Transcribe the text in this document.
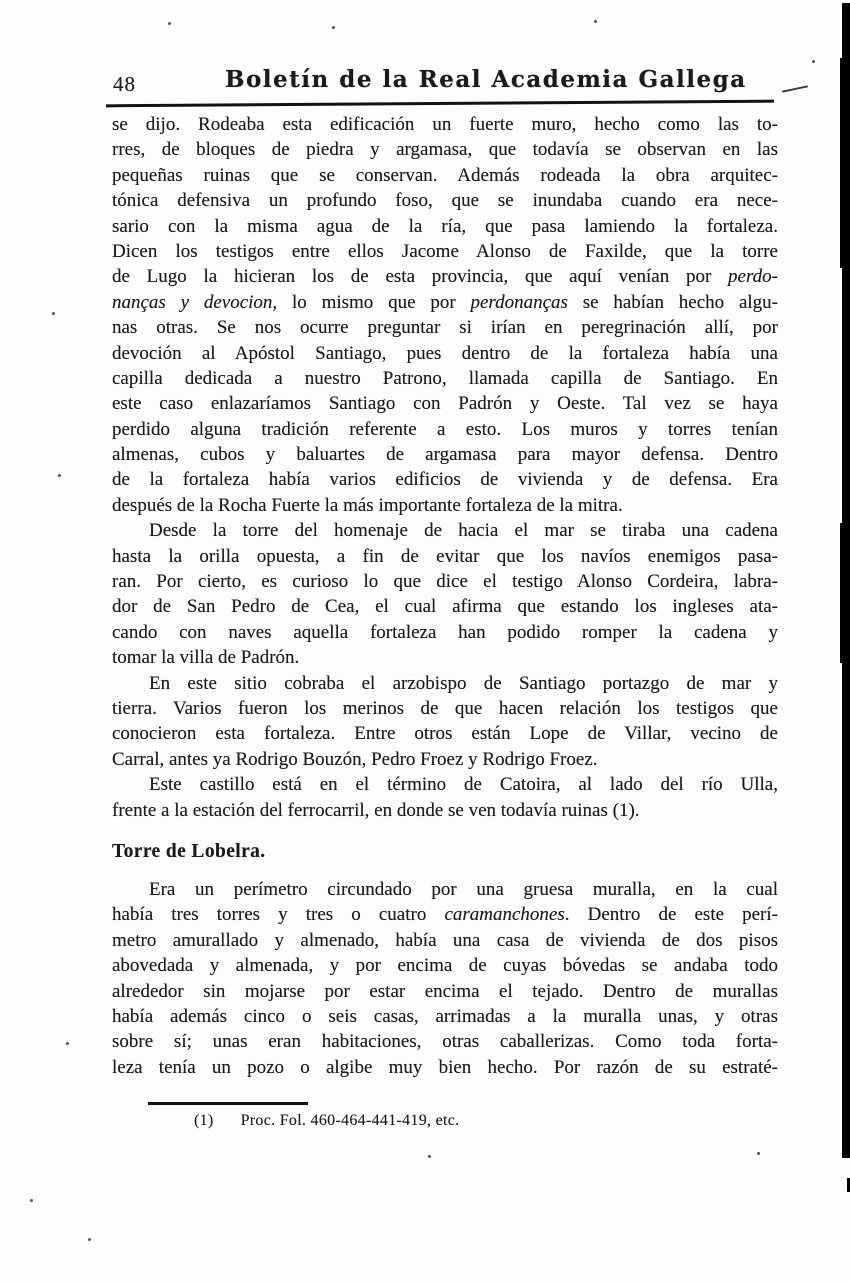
48	Boletín de la Real Academia Gallega
se dijo. Rodeaba esta edificación un fuerte muro, hecho como las to-
rres, de bloques de piedra y argamasa, que todavía se observan en las
pequeñas ruinas que se conservan. Además rodeada la obra arquitec-
tónica defensiva un profundo foso, que se inundaba cuando era nece-
sario con la misma agua de la ría, que pasa lamiendo la fortaleza.
Dicen los testigos entre ellos Jacome Alonso de Faxilde, que la torre
de Lugo la hicieran los de esta provincia, que aquí venían por perdo-
nanças y devocion, lo mismo que por perdonanças se habían hecho algu-
nas otras. Se nos ocurre preguntar si irían en peregrinación allí, por
devoción al Apóstol Santiago, pues dentro de la fortaleza había una
capilla dedicada a nuestro Patrono, llamada capilla de Santiago. En
este caso enlazaríamos Santiago con Padrón y Oeste. Tal vez se haya
perdido alguna tradición referente a esto. Los muros y torres tenían
almenas, cubos y baluartes de argamasa para mayor defensa. Dentro
de la fortaleza había varios edificios de vivienda y de defensa. Era
después de la Rocha Fuerte la más importante fortaleza de la mitra.
Desde la torre del homenaje de hacia el mar se tiraba una cadena
hasta la orilla opuesta, a fin de evitar que los navíos enemigos pasa-
ran. Por cierto, es curioso lo que dice el testigo Alonso Cordeira, labra-
dor de San Pedro de Cea, el cual afirma que estando los ingleses ata-
cando con naves aquella fortaleza han podido romper la cadena y
tomar la villa de Padrón.
En este sitio cobraba el arzobispo de Santiago portazgo de mar y
tierra. Varios fueron los merinos de que hacen relación los testigos que
conocieron esta fortaleza. Entre otros están Lope de Villar, vecino de
Carral, antes ya Rodrigo Bouzón, Pedro Froez y Rodrigo Froez.
Este castillo está en el término de Catoira, al lado del río Ulla,
frente a la estación del ferrocarril, en donde se ven todavía ruinas (1).
Torre de Lobelra.
Era un perímetro circundado por una gruesa muralla, en la cual
había tres torres y tres o cuatro caramanchones. Dentro de este perí-
metro amurallado y almenado, había una casa de vivienda de dos pisos
abovedada y almenada, y por encima de cuyas bóvedas se andaba todo
alrededor sin mojarse por estar encima el tejado. Dentro de murallas
había además cinco o seis casas, arrimadas a la muralla unas, y otras
sobre sí; unas eran habitaciones, otras caballerizas. Como toda forta-
leza tenía un pozo o algibe muy bien hecho. Por razón de su estraté-
(1) Proc. Fol. 460-464-441-419, etc.
